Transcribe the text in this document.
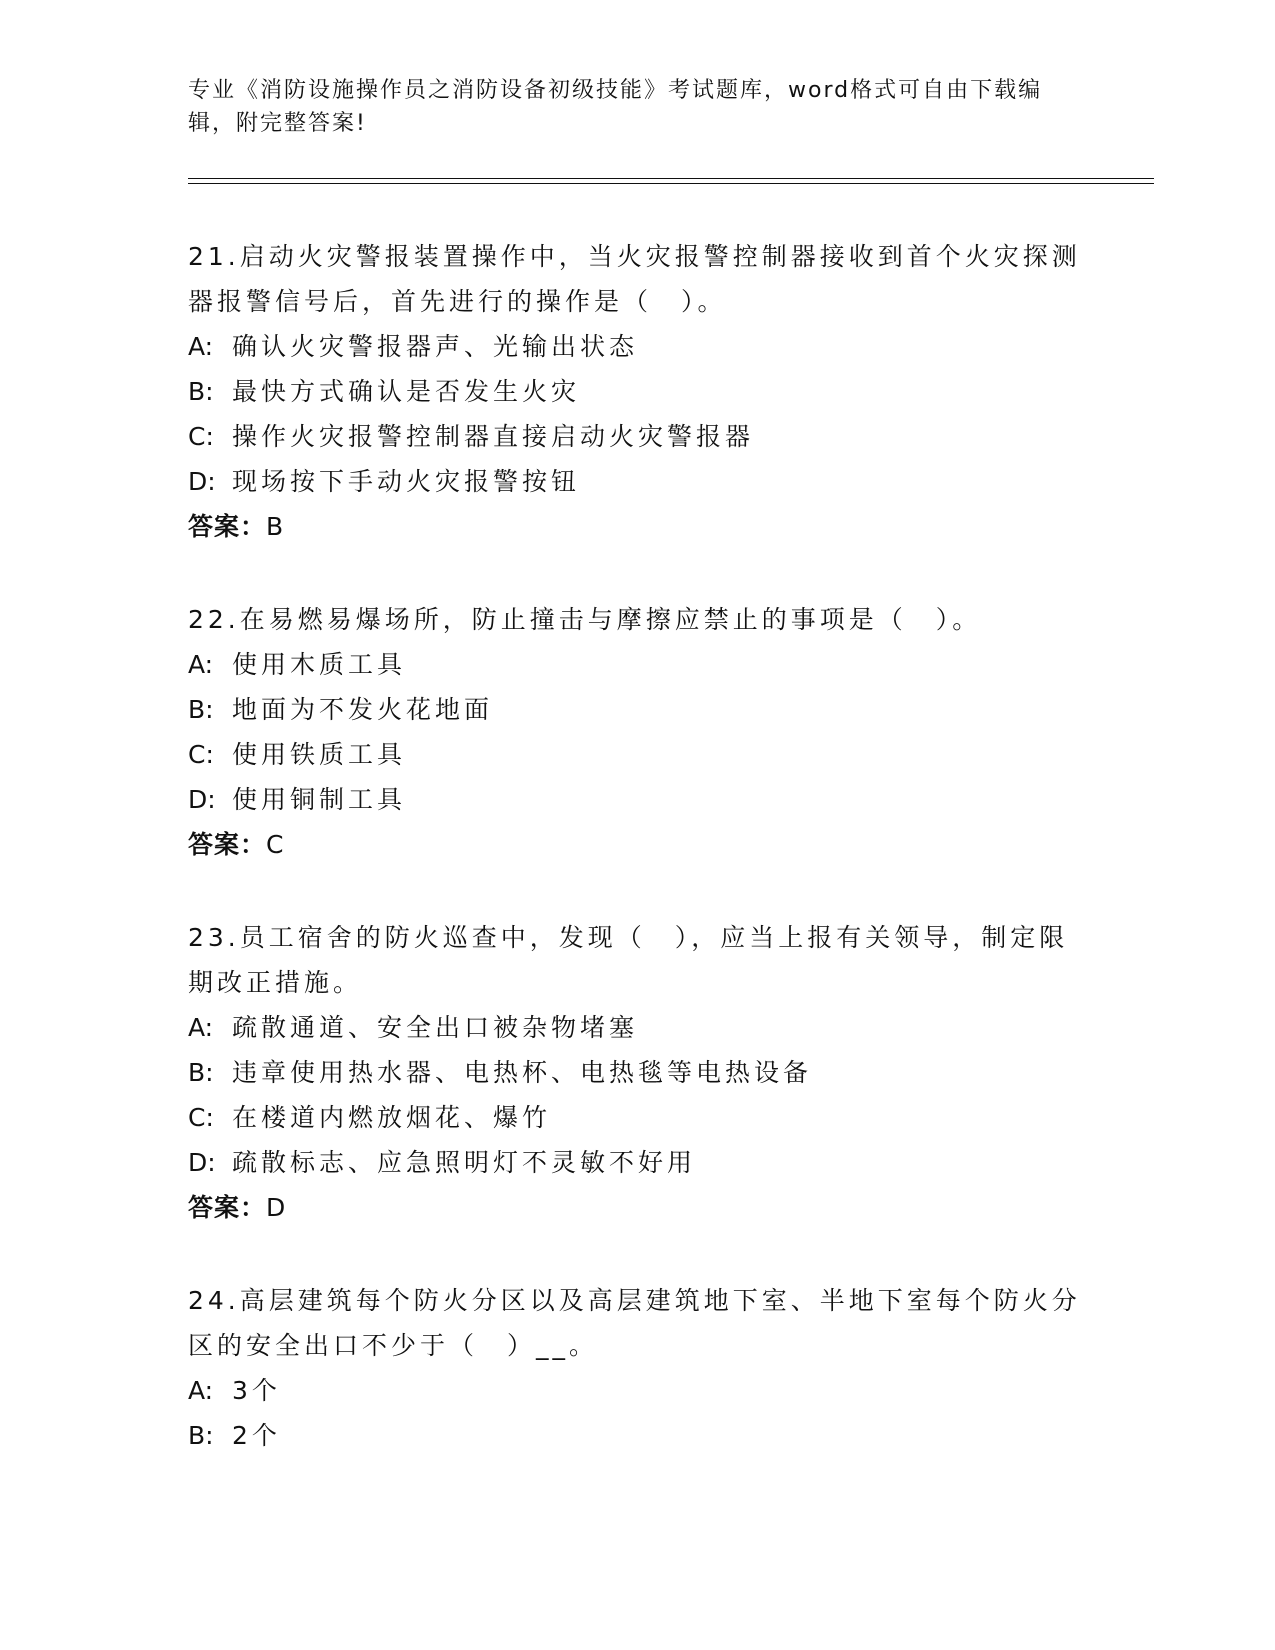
专业《消防设施操作员之消防设备初级技能》考试题库，word格式可自由下载编辑，附完整答案!

21.启动火灾警报装置操作中，当火灾报警控制器接收到首个火灾探测器报警信号后，首先进行的操作是（　）。

A: 确认火灾警报器声、光输出状态

B: 最快方式确认是否发生火灾

C: 操作火灾报警控制器直接启动火灾警报器

D: 现场按下手动火灾报警按钮

答案：B

22.在易燃易爆场所，防止撞击与摩擦应禁止的事项是（　）。

A: 使用木质工具

B: 地面为不发火花地面

C: 使用铁质工具

D: 使用铜制工具

答案：C

23.员工宿舍的防火巡查中，发现（　），应当上报有关领导，制定限期改正措施。

A: 疏散通道、安全出口被杂物堵塞

B: 违章使用热水器、电热杯、电热毯等电热设备

C: 在楼道内燃放烟花、爆竹

D: 疏散标志、应急照明灯不灵敏不好用

答案：D

24.高层建筑每个防火分区以及高层建筑地下室、半地下室每个防火分区的安全出口不少于（　）__。

A: 3个

B: 2个
